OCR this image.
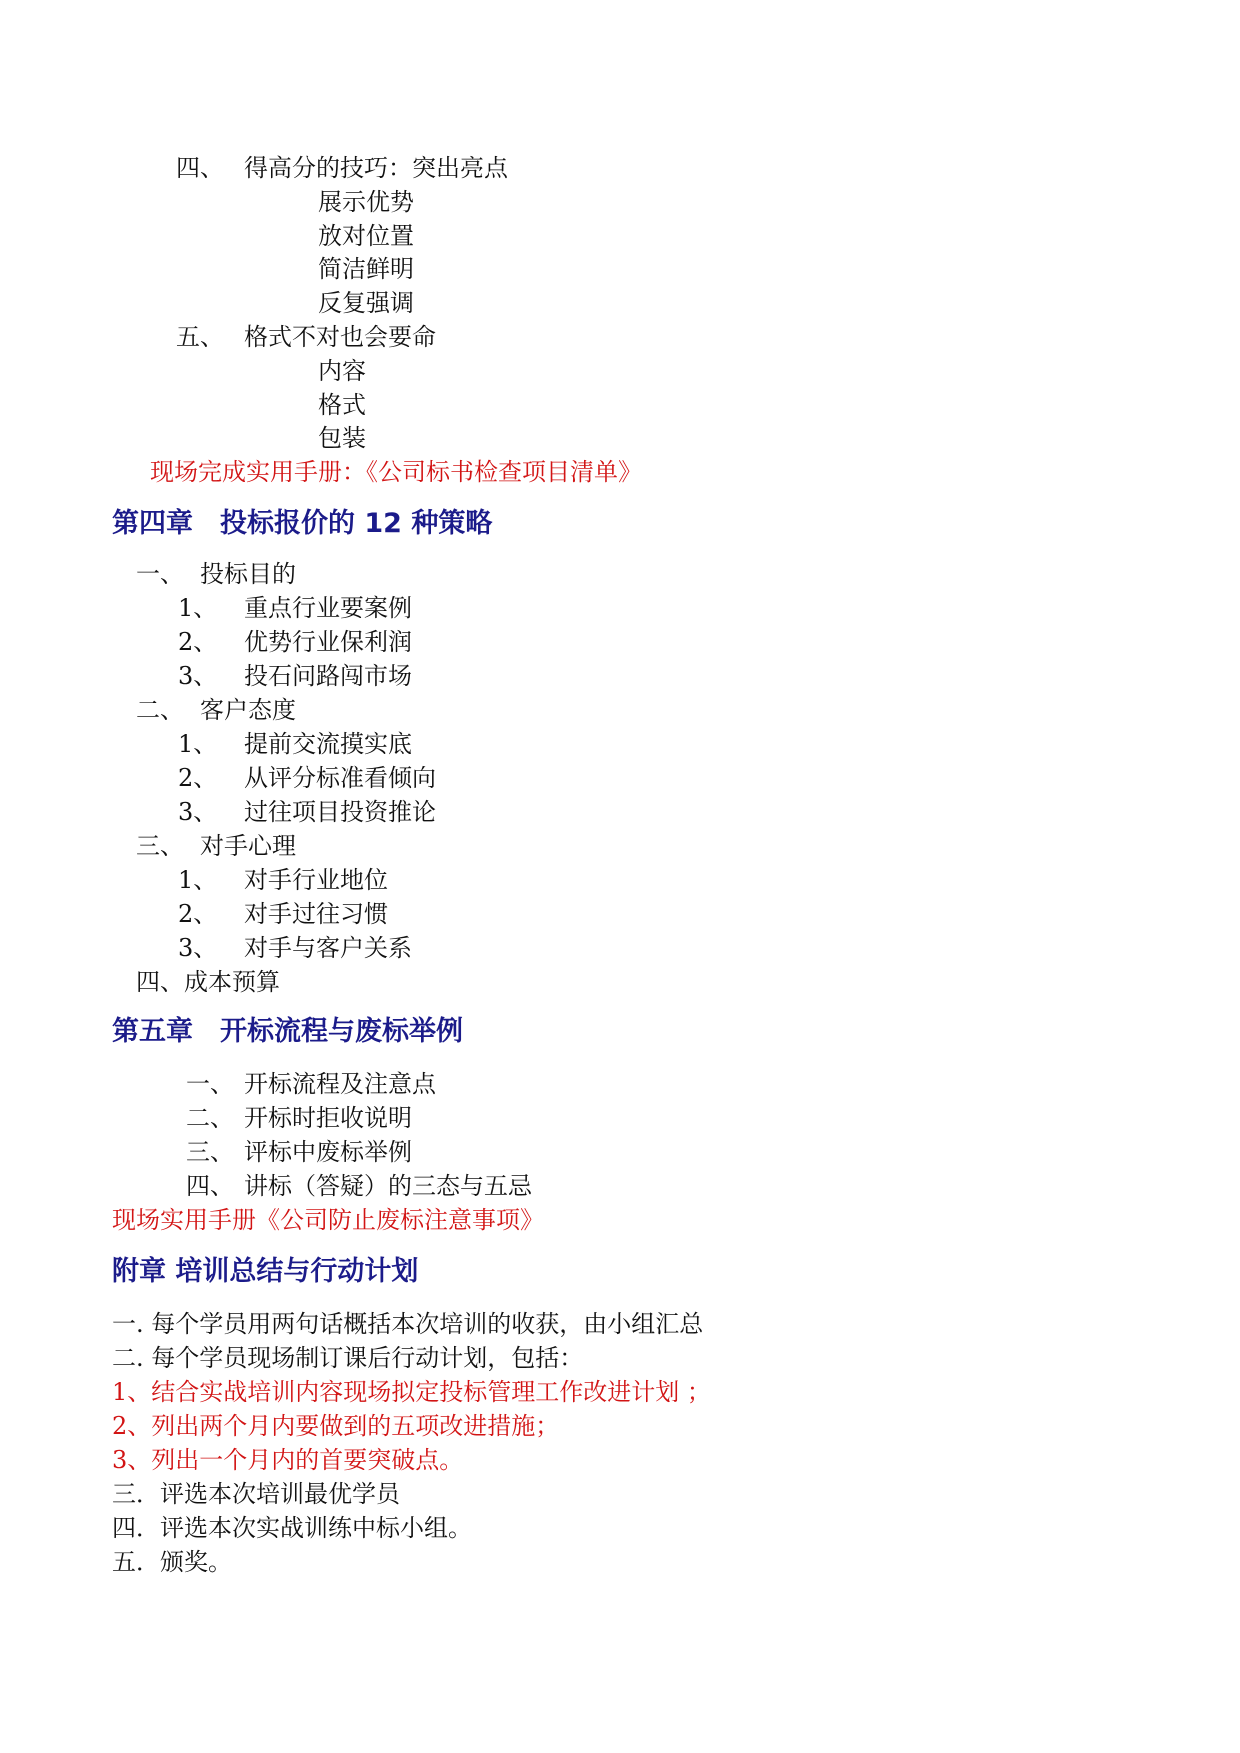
四、 得高分的技巧：突出亮点
展示优势
放对位置
简洁鲜明
反复强调
五、 格式不对也会要命
内容
格式
包装
现场完成实用手册：《公司标书检查项目清单》
第四章　投标报价的 12 种策略
一、 投标目的
1、 重点行业要案例
2、 优势行业保利润
3、 投石问路闯市场
二、 客户态度
1、 提前交流摸实底
2、 从评分标准看倾向
3、 过往项目投资推论
三、 对手心理
1、 对手行业地位
2、 对手过往习惯
3、 对手与客户关系
四、成本预算
第五章　开标流程与废标举例
一、 开标流程及注意点
二、 开标时拒收说明
三、 评标中废标举例
四、 讲标（答疑）的三态与五忌
现场实用手册《公司防止废标注意事项》
附章 培训总结与行动计划
一. 每个学员用两句话概括本次培训的收获，由小组汇总
二. 每个学员现场制订课后行动计划，包括：
1、结合实战培训内容现场拟定投标管理工作改进计划 ；
2、列出两个月内要做到的五项改进措施；
3、列出一个月内的首要突破点。
三．评选本次培训最优学员
四．评选本次实战训练中标小组。
五．颁奖。
